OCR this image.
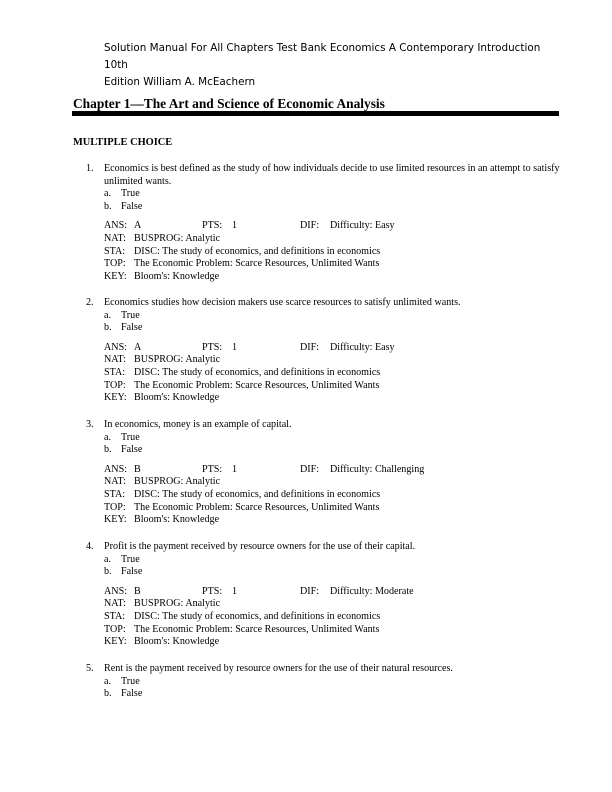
Solution Manual For All Chapters Test Bank Economics A Contemporary Introduction 10th
Edition William A. McEachern
Chapter 1—The Art and Science of Economic Analysis
MULTIPLE CHOICE
1.	Economics is best defined as the study of how individuals decide to use limited resources in an attempt to satisfy unlimited wants.
a. True
b. False
ANS: A	PTS: 1	DIF:	Difficulty: Easy
NAT: BUSPROG: Analytic
STA: DISC: The study of economics, and definitions in economics
TOP: The Economic Problem: Scarce Resources, Unlimited Wants
KEY: Bloom's: Knowledge
2.	Economics studies how decision makers use scarce resources to satisfy unlimited wants.
a. True
b. False
ANS: A	PTS: 1	DIF:	Difficulty: Easy
NAT: BUSPROG: Analytic
STA: DISC: The study of economics, and definitions in economics
TOP: The Economic Problem: Scarce Resources, Unlimited Wants
KEY: Bloom's: Knowledge
3.	In economics, money is an example of capital.
a. True
b. False
ANS: B	PTS: 1	DIF:	Difficulty: Challenging
NAT: BUSPROG: Analytic
STA: DISC: The study of economics, and definitions in economics
TOP: The Economic Problem: Scarce Resources, Unlimited Wants
KEY: Bloom's: Knowledge
4.	Profit is the payment received by resource owners for the use of their capital.
a. True
b. False
ANS: B	PTS: 1	DIF:	Difficulty: Moderate
NAT: BUSPROG: Analytic
STA: DISC: The study of economics, and definitions in economics
TOP: The Economic Problem: Scarce Resources, Unlimited Wants
KEY: Bloom's: Knowledge
5.	Rent is the payment received by resource owners for the use of their natural resources.
a. True
b. False
